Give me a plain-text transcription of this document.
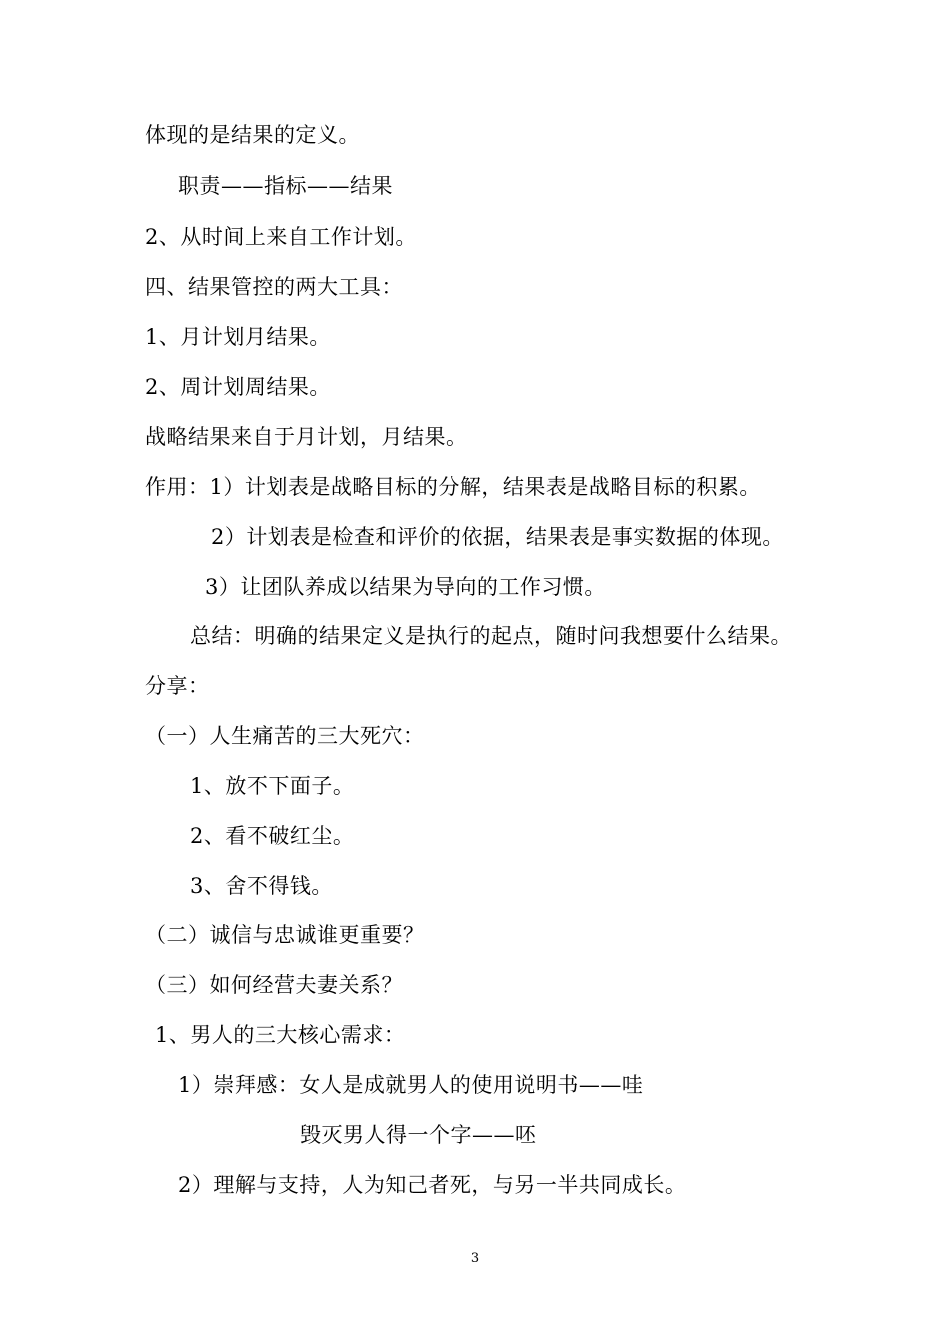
体现的是结果的定义。
职责——指标——结果
2、从时间上来自工作计划。
四、结果管控的两大工具：
1、月计划月结果。
2、周计划周结果。
战略结果来自于月计划，月结果。
作用：1）计划表是战略目标的分解，结果表是战略目标的积累。
2）计划表是检查和评价的依据，结果表是事实数据的体现。
3）让团队养成以结果为导向的工作习惯。
总结：明确的结果定义是执行的起点，随时问我想要什么结果。
分享：
（一）人生痛苦的三大死穴：
1、放不下面子。
2、看不破红尘。
3、舍不得钱。
（二）诚信与忠诚谁更重要？
（三）如何经营夫妻关系？
1、男人的三大核心需求：
1）崇拜感：女人是成就男人的使用说明书——哇
毁灭男人得一个字——呸
2）理解与支持，人为知己者死，与另一半共同成长。
3
